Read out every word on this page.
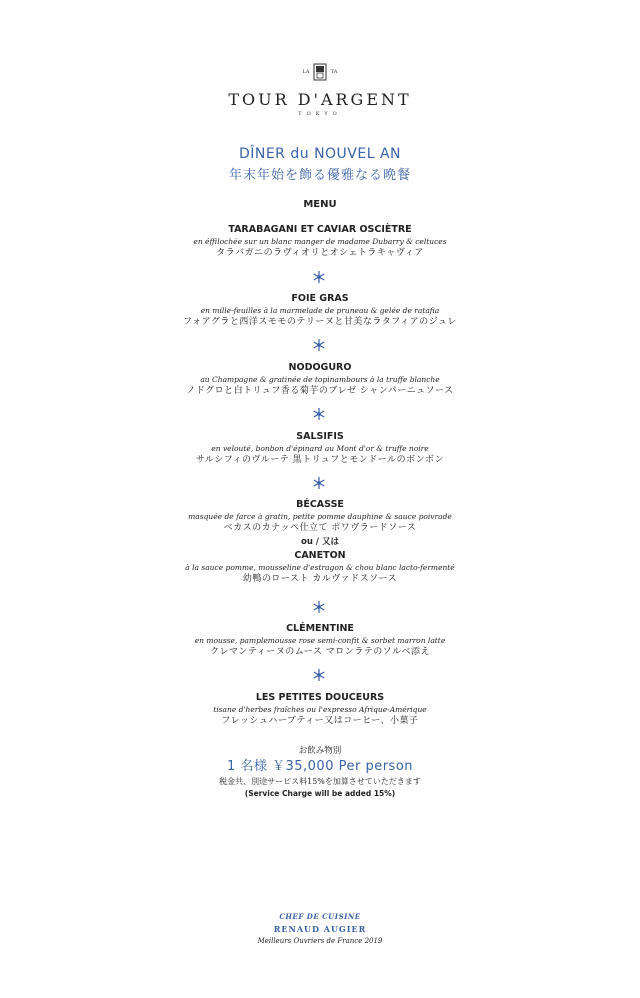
LA	TA
TOUR D'ARGENT
TOKYO
DÎNER du NOUVEL AN
年末年始を飾る優雅なる晩餐
MENU
TARABAGANI ET CAVIAR OSCIÈTRE
en éffilochée sur un blanc manger de madame Dubarry & celtuces
タラバガニのラヴィオリとオシェトラキャヴィア
FOIE GRAS
en mille-feuilles à la marmelade de pruneau & gelée de ratafia
フォアグラと西洋スモモのテリーヌと甘美なラタフィアのジュレ
NODOGURO
au Champagne & gratinée de topinambours à la truffe blanche
ノドグロと白トリュフ香る菊芋のブレゼ シャンパーニュソース
SALSIFIS
en velouté, bonbon d'épinard au Mont d'or & truffe noire
サルシフィのヴルーテ 黒トリュフとモンドールのボンボン
BÉCASSE
masquée de farce à gratin, petite pomme dauphine & sauce poivrade
ベカスのカナッペ仕立て ポワヴラードソース
ou / 又は
CANETON
à la sauce pomme, mousseline d'estragon & chou blanc lacto-fermenté
幼鴨のロースト カルヴァドスソース
CLÉMENTINE
en mousse, pamplemousse rose semi-confit & sorbet marron latte
クレマンティーヌのムース マロンラテのソルベ添え
LES PETITES DOUCEURS
tisane d'herbes fraîches ou l'expresso Afrique-Amérique
フレッシュハーブティー又はコーヒー、小菓子
お飲み物別
1 名様 ￥35,000 Per person
税金共、別途サービス料15%を加算させていただきます
(Service Charge will be added 15%)
CHEF DE CUISINE
RENAUD AUGIER
Meilleurs Ouvriers de France 2019
